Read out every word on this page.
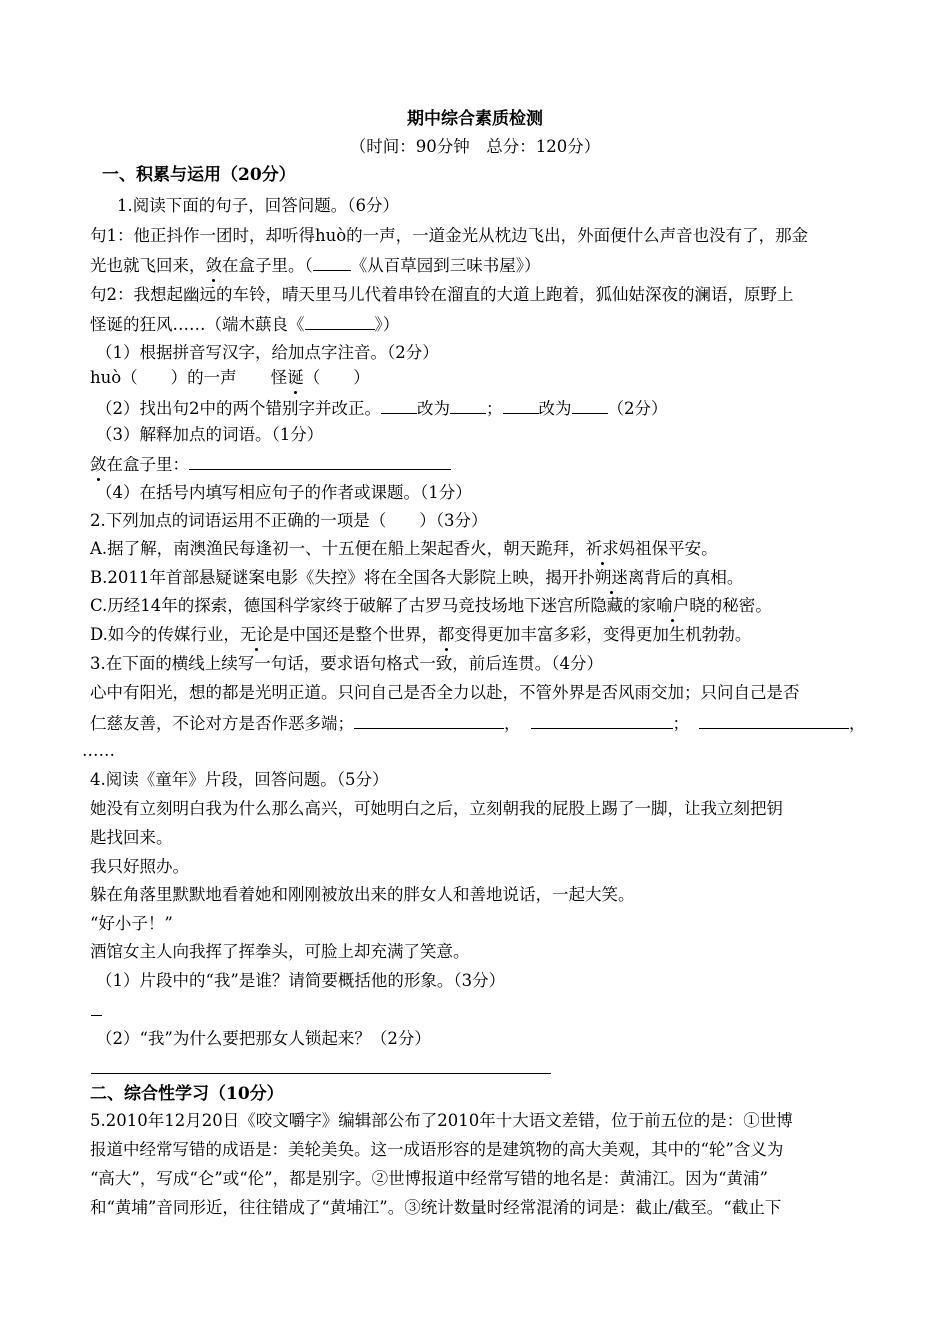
期中综合素质检测
（时间：90分钟　总分：120分）
一、积累与运用（20分）
1.阅读下面的句子，回答问题。（6分）
句1：他正抖作一团时，却听得huò的一声，一道金光从枕边飞出，外面便什么声音也没有了，那金
光也就飞回来，敛在盒子里。（ 《从百草园到三味书屋》）
句2：我想起幽远的车铃，晴天里马儿代着串铃在溜直的大道上跑着，狐仙姑深夜的澜语，原野上
怪诞的狂风……（端木蕻良《	》）
（1）根据拼音写汉字，给加点字注音。（2分）
huò（　　）的一声 怪诞（　　）
（2）找出句2中的两个错别字并改正。 改为 ； 改为 （2分）
（3）解释加点的词语。（1分）
敛在盒子里：
（4）在括号内填写相应句子的作者或课题。（1分）
2.下列加点的词语运用不正确的一项是（　　）（3分）
A.据了解，南澳渔民每逢初一、十五便在船上架起香火，朝天跪拜，祈求妈祖保平安。
B.2011年首部悬疑谜案电影《失控》将在全国各大影院上映，揭开扑朔迷离背后的真相。
C.历经14年的探索，德国科学家终于破解了古罗马竞技场地下迷宫所隐藏的家喻户晓的秘密。
D.如今的传媒行业，无论是中国还是整个世界，都变得更加丰富多彩，变得更加生机勃勃。
3.在下面的横线上续写一句话，要求语句格式一致，前后连贯。（4分）
心中有阳光，想的都是光明正道。只问自己是否全力以赴，不管外界是否风雨交加；只问自己是否
仁慈友善，不论对方是否作恶多端；	，	；	，
……
4.阅读《童年》片段，回答问题。（5分）
她没有立刻明白我为什么那么高兴，可她明白之后，立刻朝我的屁股上踢了一脚，让我立刻把钥
匙找回来。
我只好照办。
躲在角落里默默地看着她和刚刚被放出来的胖女人和善地说话，一起大笑。
“好小子！”
酒馆女主人向我挥了挥拳头，可脸上却充满了笑意。
（1）片段中的“我”是谁？请简要概括他的形象。（3分）
（2）“我”为什么要把那女人锁起来？（2分）
二、综合性学习（10分）
5.2010年12月20日《咬文嚼字》编辑部公布了2010年十大语文差错，位于前五位的是：①世博
报道中经常写错的成语是：美轮美奂。这一成语形容的是建筑物的高大美观，其中的“轮”含义为
“高大”，写成“仑”或“伦”，都是别字。②世博报道中经常写错的地名是：黄浦江。因为“黄浦”
和“黄埔”音同形近，往往错成了“黄埔江”。③统计数量时经常混淆的词是：截止/截至。“截止下
